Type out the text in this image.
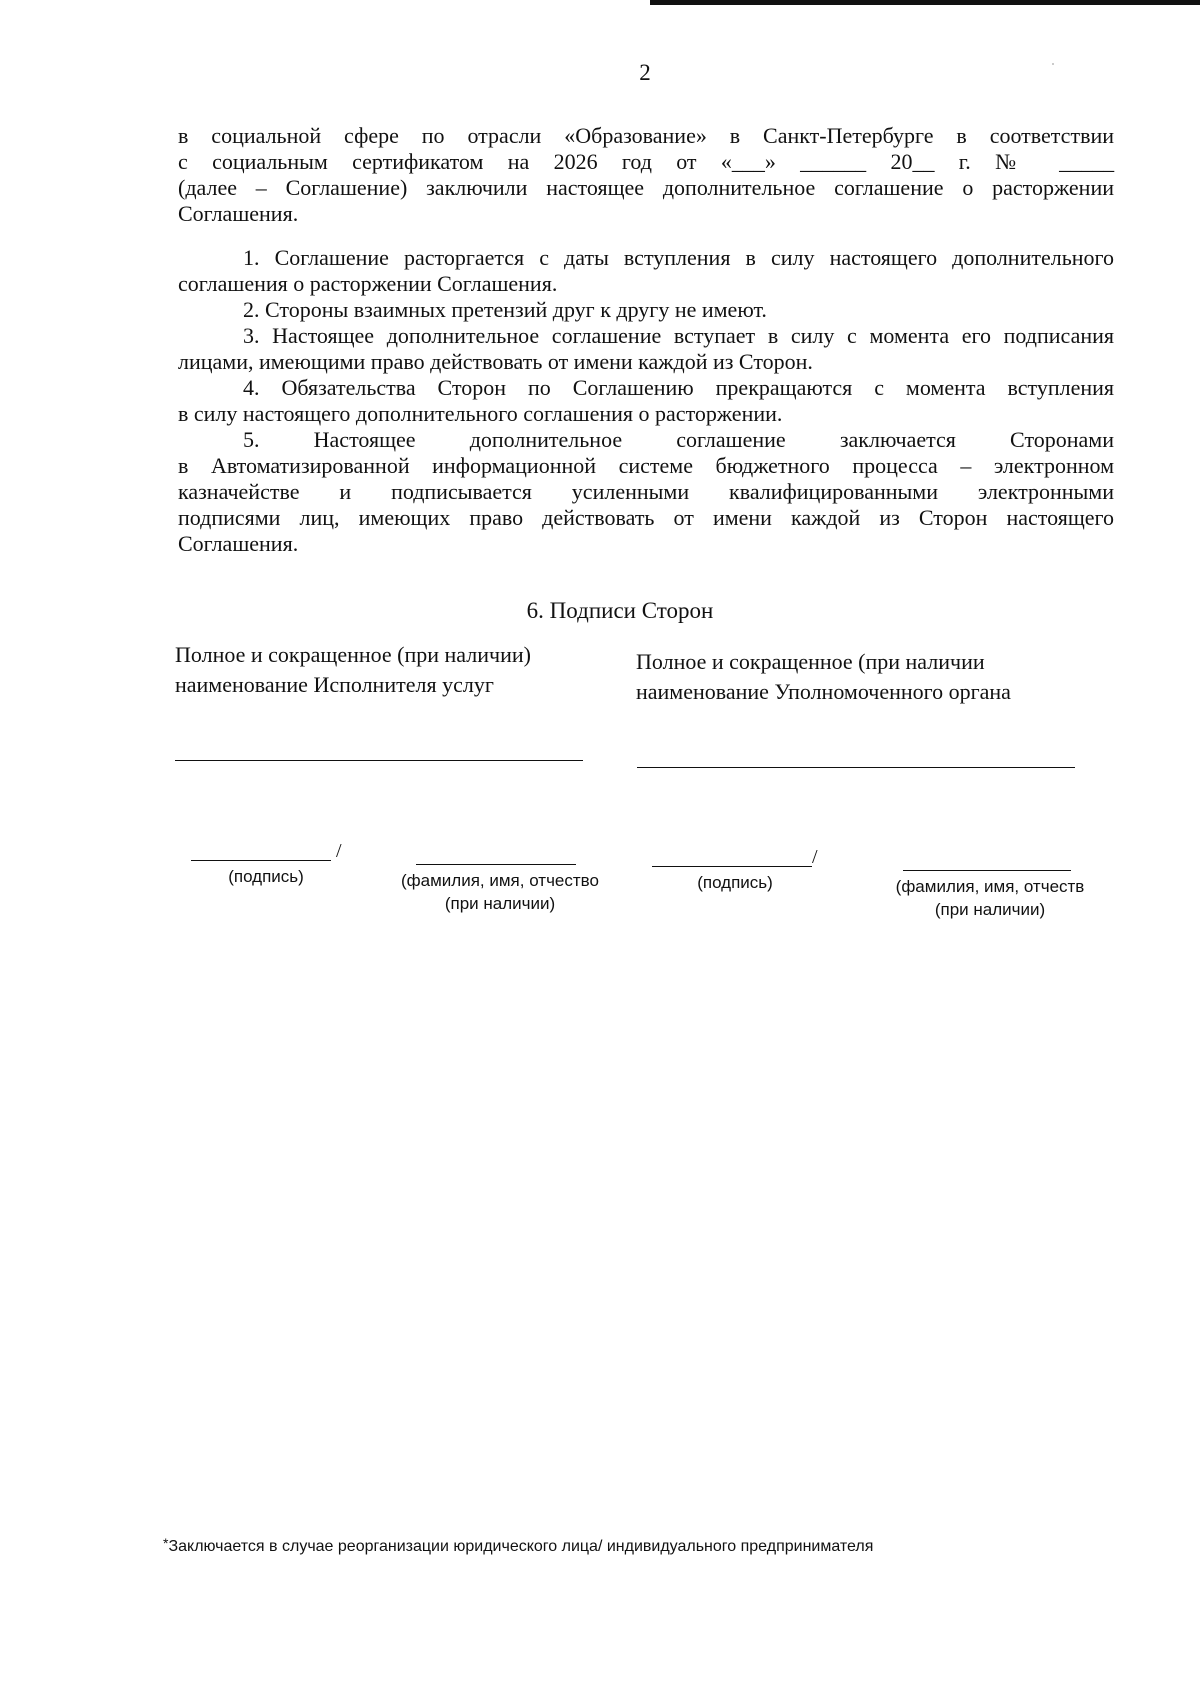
2

в социальной сфере по отрасли «Образование» в Санкт-Петербурге в соответствии

с социальным сертификатом на 2026 год от «___» ______ 20__ г. № _____

(далее – Соглашение) заключили настоящее дополнительное соглашение о расторжении

Соглашения.

1. Соглашение расторгается с даты вступления в силу настоящего дополнительного

соглашения о расторжении Соглашения.

2. Стороны взаимных претензий друг к другу не имеют.

3. Настоящее дополнительное соглашение вступает в силу с момента его подписания

лицами, имеющими право действовать от имени каждой из Сторон.

4. Обязательства Сторон по Соглашению прекращаются с момента вступления

в силу настоящего дополнительного соглашения о расторжении.

5. Настоящее дополнительное соглашение заключается Сторонами

в Автоматизированной информационной системе бюджетного процесса – электронном

казначействе и подписывается усиленными квалифицированными электронными

подписями лиц, имеющих право действовать от имени каждой из Сторон настоящего

Соглашения.

6. Подписи Сторон
Полное и сокращенное (при наличии)
наименование Исполнителя услуг
Полное и сокращенное (при наличии
наименование Уполномоченного органа
/
(подпись)	(фамилия, имя, отчество
(при наличии)
/
(подпись)	(фамилия, имя, отчеств
(при наличии)
*Заключается в случае реорганизации юридического лица/ индивидуального предпринимателя
